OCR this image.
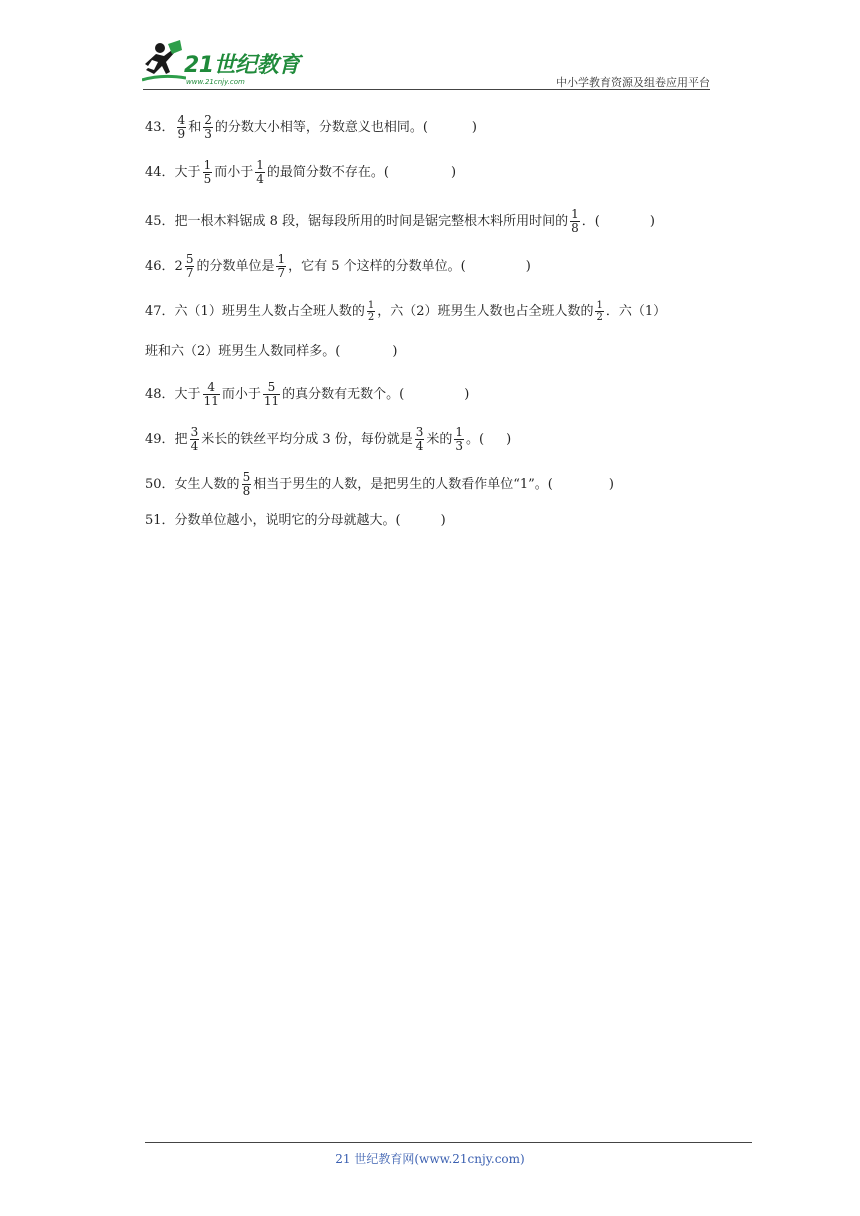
21世纪教育
www.21cnjy.com	中小学教育资源及组卷应用平台
43． $\frac{4}{9}$ 和 $\frac{2}{3}$ 的分数大小相等，分数意义也相同。(	)
44． 大于 $\frac{1}{5}$ 而小于 $\frac{1}{4}$ 的最简分数不存在。(	)
45． 把一根木料锯成 8 段，锯每段所用的时间是锯完整根木料所用时间的 $\frac{1}{8}$ ．(	)
46． $2 \frac{5}{7}$ 的分数单位是 $\frac{1}{7}$ ，它有 5 个这样的分数单位。(	)
47． 六（1）班男生人数占全班人数的 $\frac{1}{2}$ ，六（2）班男生人数也占全班人数的 $\frac{1}{2}$ ．六（1）
班和六（2）班男生人数同样多。(	)
48． 大于 $\frac{4}{11}$ 而小于 $\frac{5}{11}$ 的真分数有无数个。(	)
49． 把 $\frac{3}{4}$ 米长的铁丝平均分成 3 份，每份就是 $\frac{3}{4}$ 米的 $\frac{1}{3}$ 。( )
50． 女生人数的 $\frac{5}{8}$ 相当于男生的人数，是把男生的人数看作单位“1”。(	)
51． 分数单位越小，说明它的分母就越大。(	)
21 世纪教育网(www.21cnjy.com)
